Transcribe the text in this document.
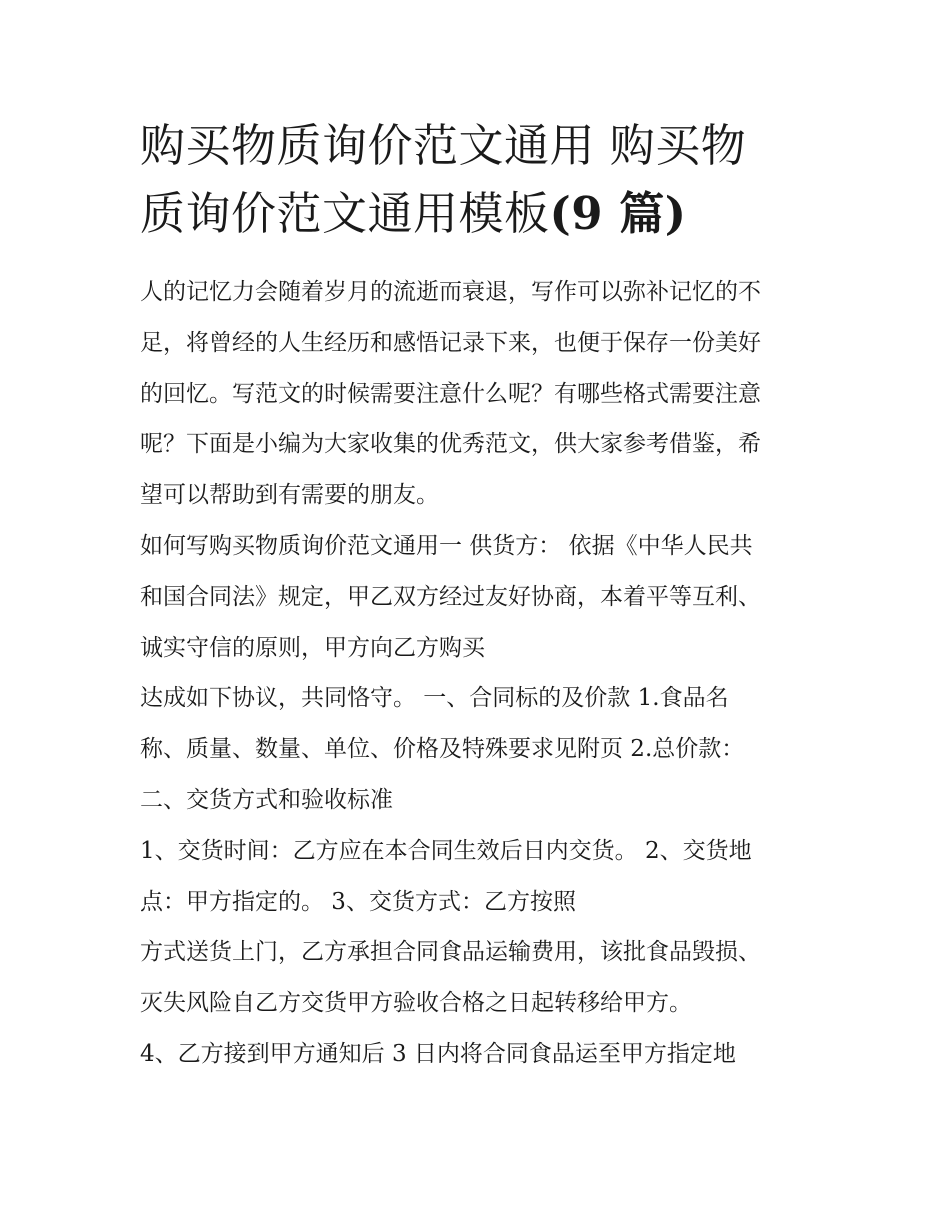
购买物质询价范文通用 购买物
质询价范文通用模板(9 篇)
人的记忆力会随着岁月的流逝而衰退，写作可以弥补记忆的不
足，将曾经的人生经历和感悟记录下来，也便于保存一份美好
的回忆。写范文的时候需要注意什么呢？有哪些格式需要注意
呢？下面是小编为大家收集的优秀范文，供大家参考借鉴，希
望可以帮助到有需要的朋友。
如何写购买物质询价范文通用一 供货方： 依据《中华人民共
和国合同法》规定，甲乙双方经过友好协商，本着平等互利、
诚实守信的原则，甲方向乙方购买
达成如下协议，共同恪守。 一、合同标的及价款 1.食品名
称、质量、数量、单位、价格及特殊要求见附页 2.总价款：
二、交货方式和验收标准
1、交货时间：乙方应在本合同生效后日内交货。 2、交货地
点：甲方指定的。 3、交货方式：乙方按照
方式送货上门，乙方承担合同食品运输费用，该批食品毁损、
灭失风险自乙方交货甲方验收合格之日起转移给甲方。
4、乙方接到甲方通知后 3 日内将合同食品运至甲方指定地
